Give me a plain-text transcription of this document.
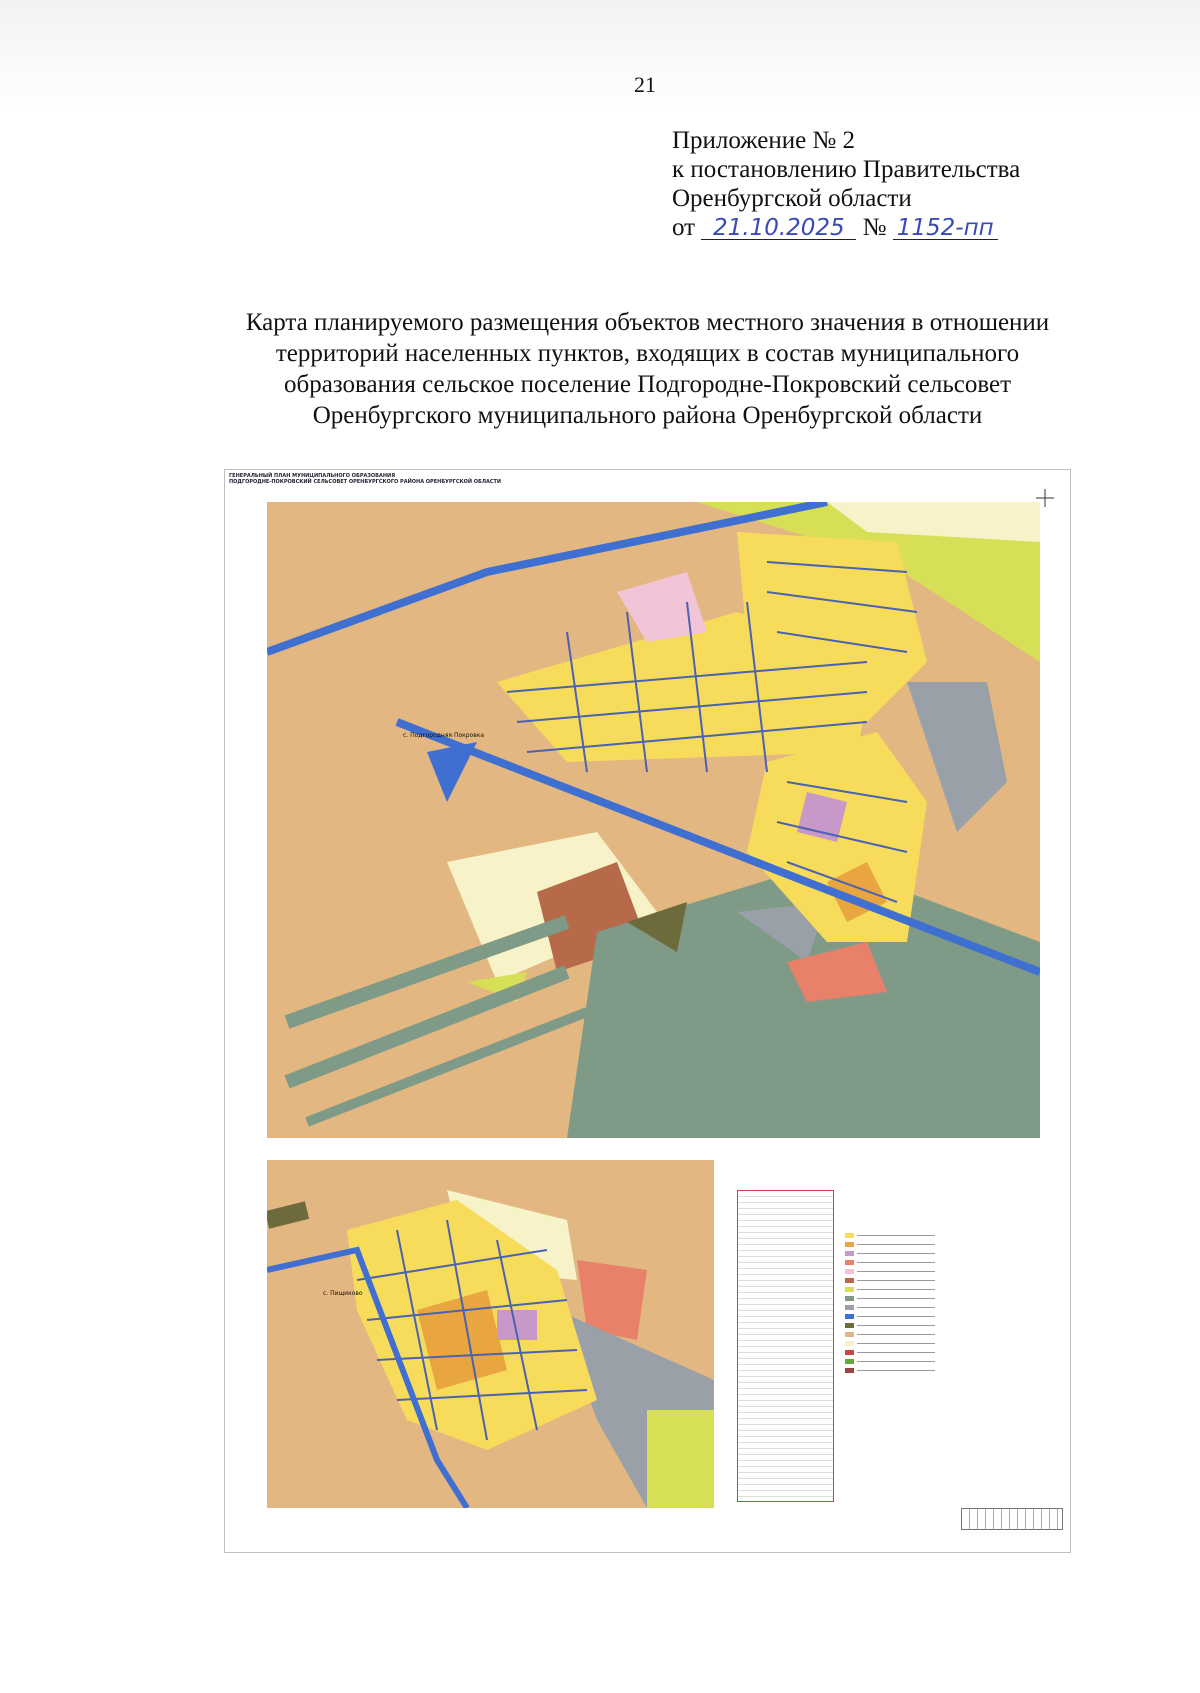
21
Приложение № 2
к постановлению Правительства
Оренбургской области
от 21.10.2025 № 1152-пп
Карта планируемого размещения объектов местного значения в отношении
территорий населенных пунктов, входящих в состав муниципального
образования сельское поселение Подгородне-Покровский сельсовет
Оренбургского муниципального района Оренбургской области
ГЕНЕРАЛЬНЫЙ ПЛАН МУНИЦИПАЛЬНОГО ОБРАЗОВАНИЯ
ПОДГОРОДНЕ-ПОКРОВСКИЙ СЕЛЬСОВЕТ ОРЕНБУРГСКОГО РАЙОНА ОРЕНБУРГСКОЙ ОБЛАСТИ
с. Подгородняя Покровка
с. Пищиково
